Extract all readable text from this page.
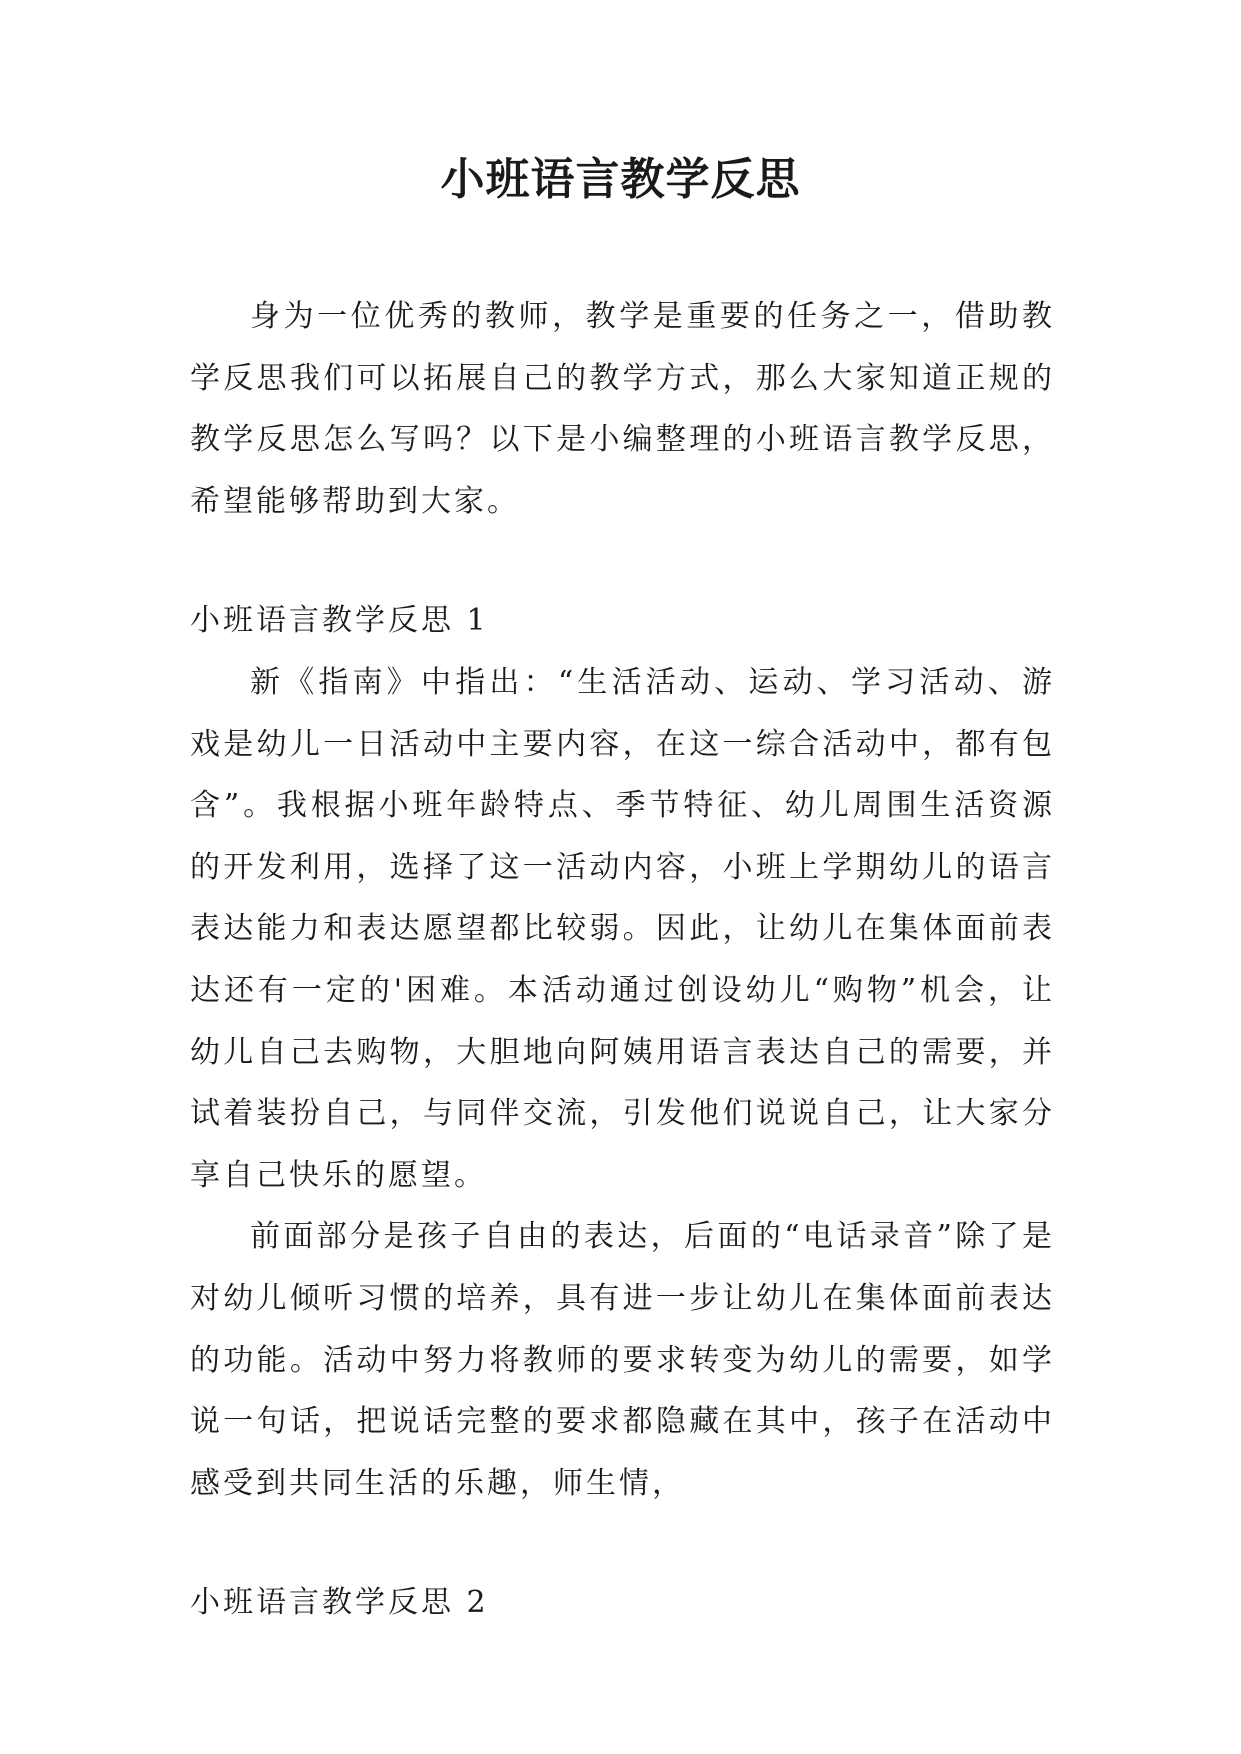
小班语言教学反思

身为一位优秀的教师，教学是重要的任务之一，借助教学反思我们可以拓展自己的教学方式，那么大家知道正规的教学反思怎么写吗？以下是小编整理的小班语言教学反思，希望能够帮助到大家。

小班语言教学反思 1

新《指南》中指出：“生活活动、运动、学习活动、游戏是幼儿一日活动中主要内容，在这一综合活动中，都有包含”。我根据小班年龄特点、季节特征、幼儿周围生活资源的开发利用，选择了这一活动内容，小班上学期幼儿的语言表达能力和表达愿望都比较弱。因此，让幼儿在集体面前表达还有一定的'困难。本活动通过创设幼儿“购物”机会，让幼儿自己去购物，大胆地向阿姨用语言表达自己的需要，并试着装扮自己，与同伴交流，引发他们说说自己，让大家分享自己快乐的愿望。

前面部分是孩子自由的表达，后面的“电话录音”除了是对幼儿倾听习惯的培养，具有进一步让幼儿在集体面前表达的功能。活动中努力将教师的要求转变为幼儿的需要，如学说一句话，把说话完整的要求都隐藏在其中，孩子在活动中感受到共同生活的乐趣，师生情，

小班语言教学反思 2
